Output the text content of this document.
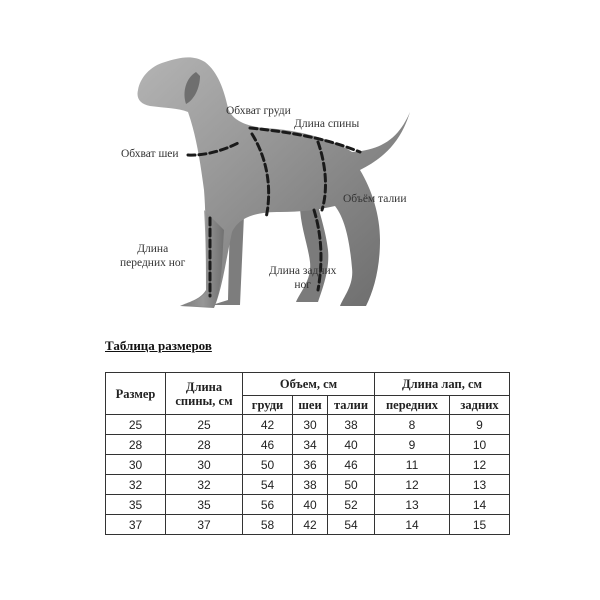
Обхват груди
Длина спины
Обхват шеи
Объём талии
Длина
передних ног
Длина задних
ног
Таблица размеров
Размер	Длина спины, см	Объем, см			Длина лап, см	
		груди	шеи	талии	передних	задних
25	25	42	30	38	8	9
28	28	46	34	40	9	10
30	30	50	36	46	11	12
32	32	54	38	50	12	13
35	35	56	40	52	13	14
37	37	58	42	54	14	15
